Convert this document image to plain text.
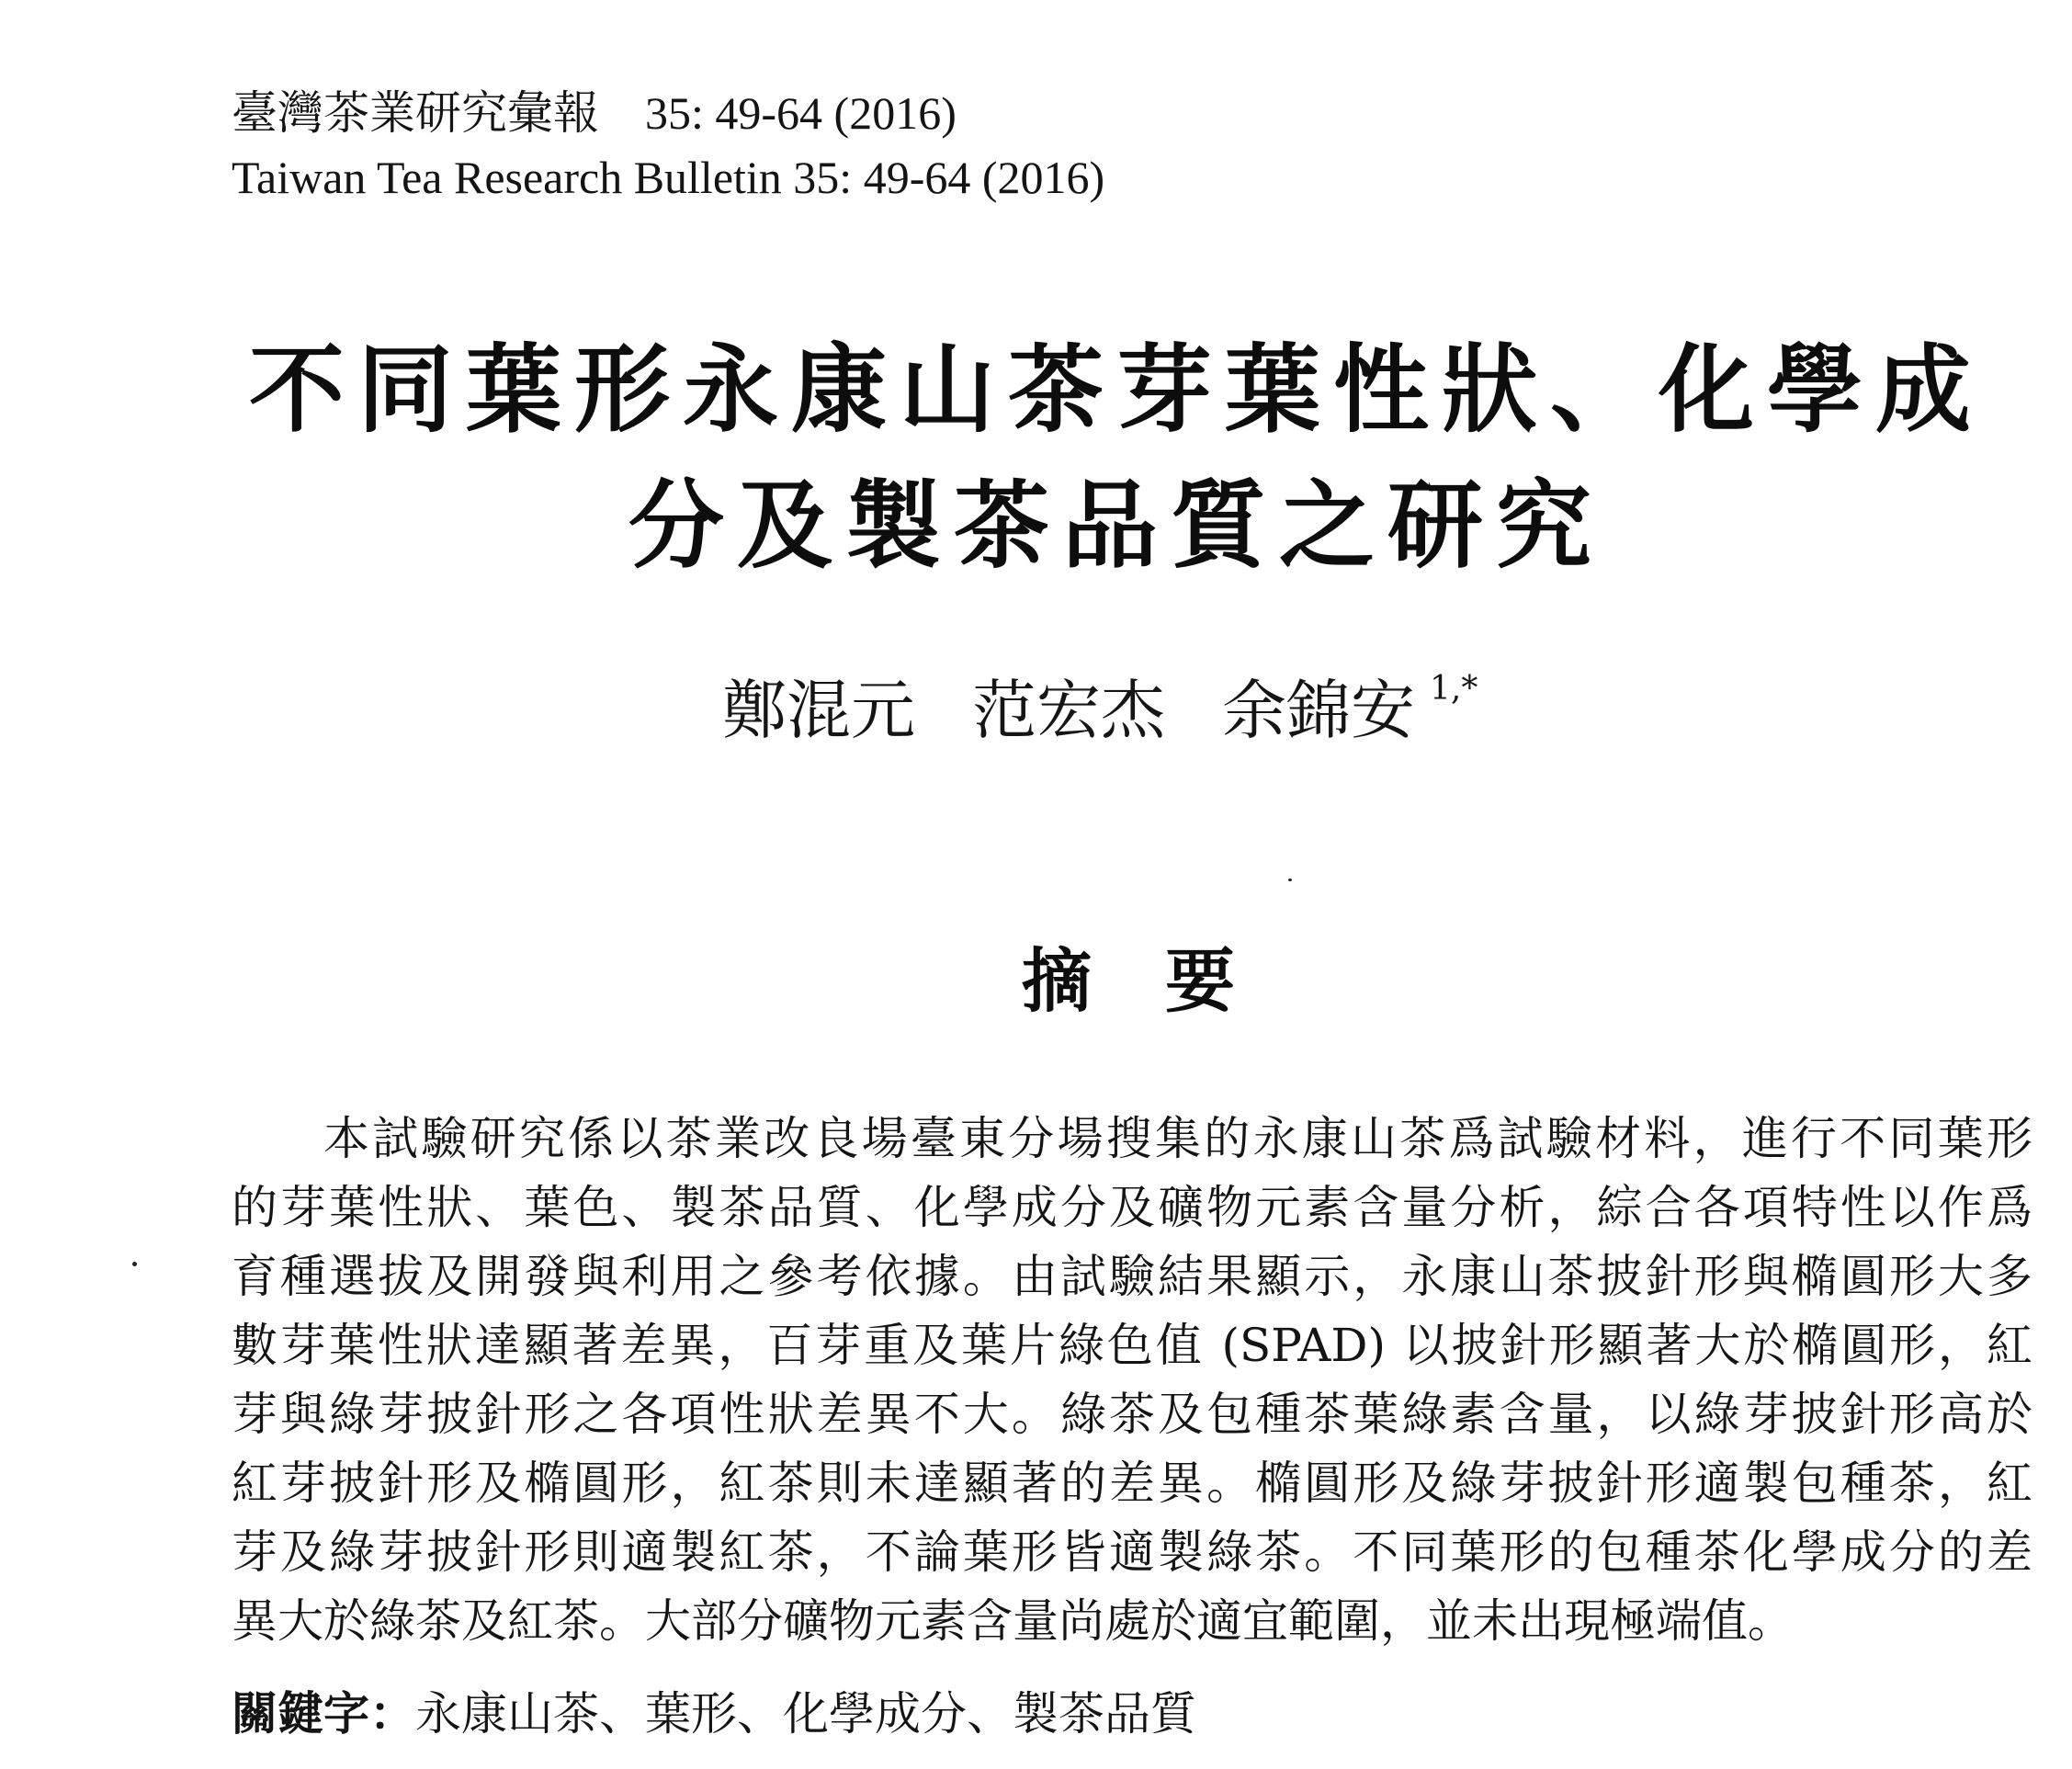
臺灣茶業研究彙報　35: 49-64 (2016)
Taiwan Tea Research Bulletin 35: 49-64 (2016)
不同葉形永康山茶芽葉性狀、化學成
分及製茶品質之研究
鄭混元 范宏杰 余錦安 $^{1,*}$
摘要
本試驗研究係以茶業改良場臺東分場搜集的永康山茶爲試驗材料，進行不同葉形
的芽葉性狀、葉色、製茶品質、化學成分及礦物元素含量分析，綜合各項特性以作爲
育種選拔及開發與利用之參考依據。由試驗結果顯示，永康山茶披針形與橢圓形大多
數芽葉性狀達顯著差異，百芽重及葉片綠色值 (SPAD) 以披針形顯著大於橢圓形，紅
芽與綠芽披針形之各項性狀差異不大。綠茶及包種茶葉綠素含量，以綠芽披針形高於
紅芽披針形及橢圓形，紅茶則未達顯著的差異。橢圓形及綠芽披針形適製包種茶，紅
芽及綠芽披針形則適製紅茶，不論葉形皆適製綠茶。不同葉形的包種茶化學成分的差
異大於綠茶及紅茶。大部分礦物元素含量尚處於適宜範圍，並未出現極端值。
關鍵字：永康山茶、葉形、化學成分、製茶品質
